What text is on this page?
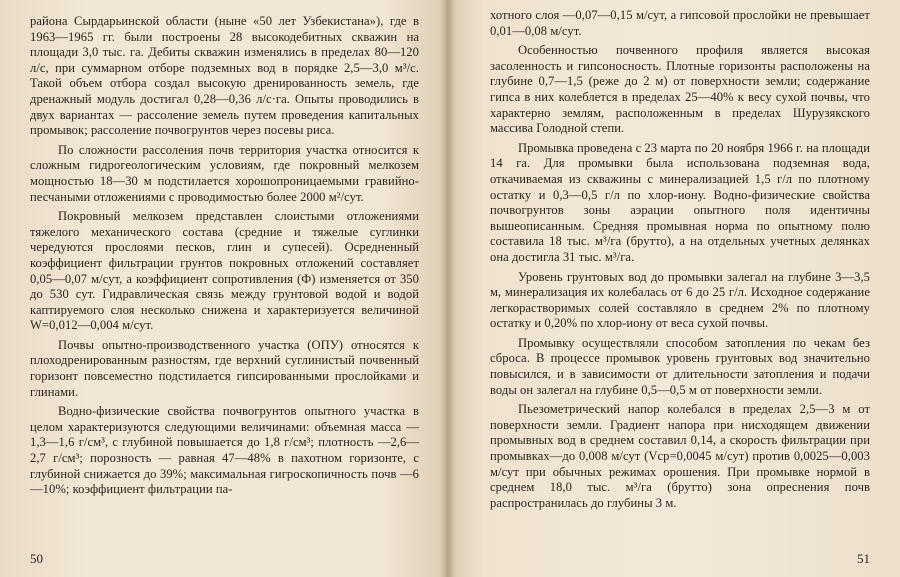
района Сырдарьинской области (ныне «50 лет Узбекистана»), где в 1963—1965 гг. были построены 28 высокодебитных скважин на площади 3,0 тыс. га. Дебиты скважин изменялись в пределах 80—120 л/с, при суммарном отборе подземных вод в порядке 2,5—3,0 м³/с. Такой объем отбора создал высокую дренированность земель, где дренажный модуль достигал 0,28—0,36 л/с·га. Опыты проводились в двух вариантах — рассоление земель путем проведения капитальных промывок; рассоление почвогрунтов через посевы риса.

По сложности рассоления почв территория участка относится к сложным гидрогеологическим условиям, где покровный мелкозем мощностью 18—30 м подстилается хорошопроницаемыми гравийно-песчаными отложениями с проводимостью более 2000 м²/сут.

Покровный мелкозем представлен слоистыми отложениями тяжелого механического состава (средние и тяжелые суглинки чередуются прослоями песков, глин и супесей). Осредненный коэффициент фильтрации грунтов покровных отложений составляет 0,05—0,07 м/сут, а коэффициент сопротивления (Ф) изменяется от 350 до 530 сут. Гидравлическая связь между грунтовой водой и водой каптируемого слоя несколько снижена и характеризуется величиной W=0,012—0,004 м/сут.

Почвы опытно-производственного участка (ОПУ) относятся к плоходренированным разностям, где верхний суглинистый почвенный горизонт повсеместно подстилается гипсированными прослойками и глинами.

Водно-физические свойства почвогрунтов опытного участка в целом характеризуются следующими величинами: объемная масса —1,3—1,6 г/см³, с глубиной повышается до 1,8 г/см³; плотность —2,6—2,7 г/см³; порозность — равная 47—48% в пахотном горизонте, с глубиной снижается до 39%; максимальная гигроскопичность почв —6—10%; коэффициент фильтрации па-

50

хотного слоя —0,07—0,15 м/сут, а гипсовой прослойки не превышает 0,01—0,08 м/сут.

Особенностью почвенного профиля является высокая засоленность и гипсоносность. Плотные горизонты расположены на глубине 0,7—1,5 (реже до 2 м) от поверхности земли; содержание гипса в них колеблется в пределах 25—40% к весу сухой почвы, что характерно землям, расположенным в пределах Шурузякского массива Голодной степи.

Промывка проведена с 23 марта по 20 ноября 1966 г. на площади 14 га. Для промывки была использована подземная вода, откачиваемая из скважины с минерализацией 1,5 г/л по плотному остатку и 0,3—0,5 г/л по хлор-иону. Водно-физические свойства почвогрунтов зоны аэрации опытного поля идентичны вышеописанным. Средняя промывная норма по опытному полю составила 18 тыс. м³/га (брутто), а на отдельных учетных делянках она достигла 31 тыс. м³/га.

Уровень грунтовых вод до промывки залегал на глубине 3—3,5 м, минерализация их колебалась от 6 до 25 г/л. Исходное содержание легкорастворимых солей составляло в среднем 2% по плотному остатку и 0,20% по хлор-иону от веса сухой почвы.

Промывку осуществляли способом затопления по чекам без сброса. В процессе промывок уровень грунтовых вод значительно повысился, и в зависимости от длительности затопления и подачи воды он залегал на глубине 0,5—0,5 м от поверхности земли.

Пьезометрический напор колебался в пределах 2,5—3 м от поверхности земли. Градиент напора при нисходящем движении промывных вод в среднем составил 0,14, а скорость фильтрации при промывках—до 0,008 м/сут (Vср=0,0045 м/сут) против 0,0025—0,003 м/сут при обычных режимах орошения. При промывке нормой в среднем 18,0 тыс. м³/га (брутто) зона опреснения почв распространилась до глубины 3 м.

51
